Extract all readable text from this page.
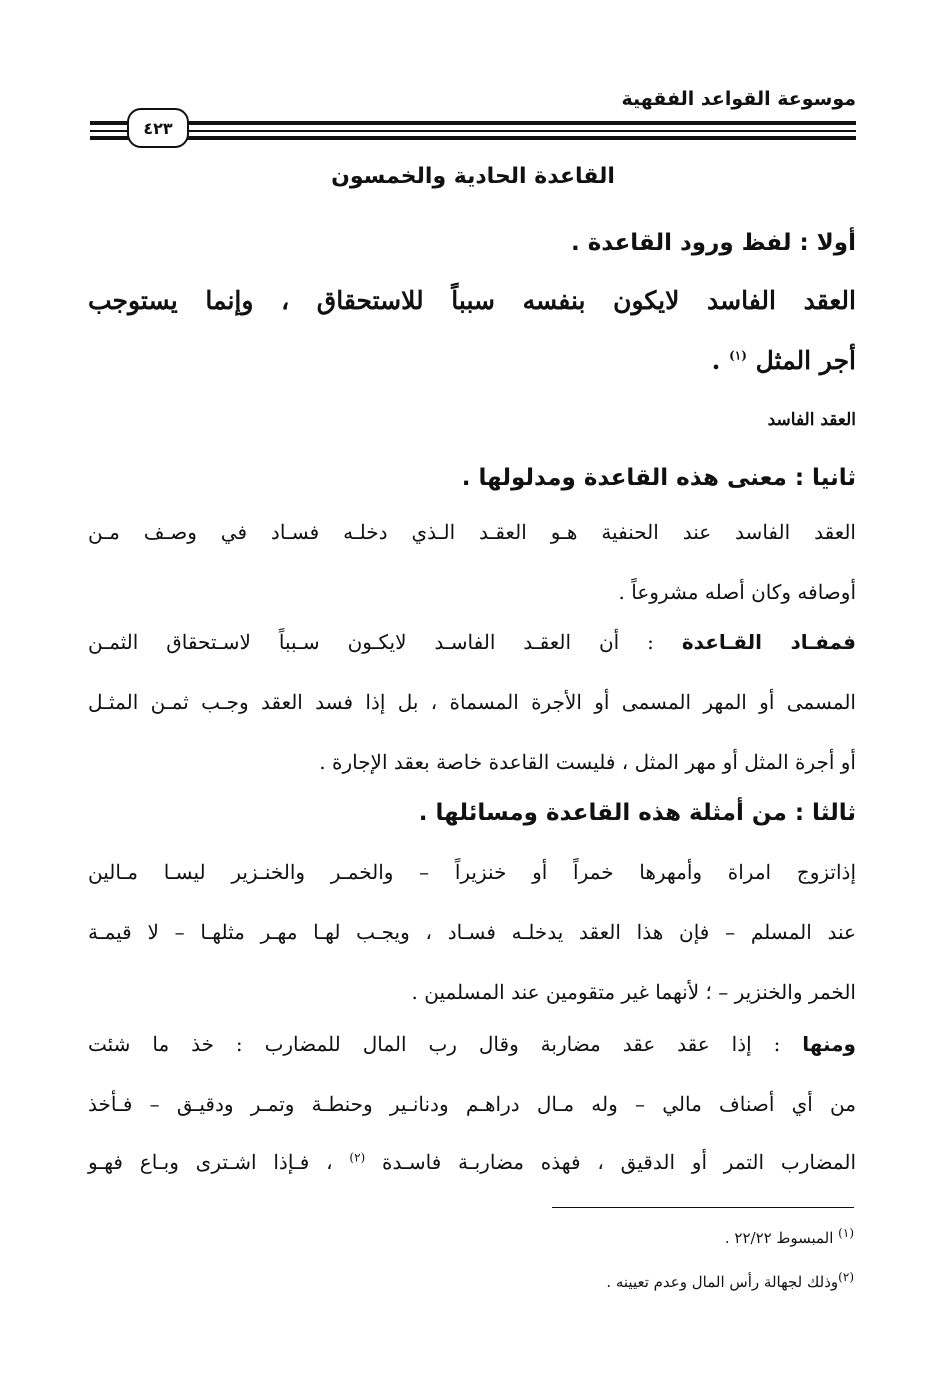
موسوعة القواعد الفقهية
٤٢٣
القاعدة الحادية والخمسون
أولا : لفظ ورود القاعدة .
العقد الفاسد لايكون بنفسه سبباً للاستحقاق ، وإنما يستوجب
أجر المثل $^{(١)}$ .
العقد الفاسد
ثانيا : معنى هذه القاعدة ومدلولها .
العقد الفاسد عند الحنفية هـو العقـد الـذي دخلـه فسـاد في وصـف مـن
أوصافه وكان أصله مشروعاً .
فمفـاد القـاعدة : أن العقـد الفاسـد لايكـون سـبباً لاسـتحقاق الثمـن
المسمى أو المهر المسمى أو الأجرة المسماة ، بل إذا فسد العقد وجـب ثمـن المثـل
أو أجرة المثل أو مهر المثل ، فليست القاعدة خاصة بعقد الإجارة .
ثالثا : من أمثلة هذه القاعدة ومسائلها .
إذاتزوج امراة وأمهرها خمراً أو خنزيراً – والخمـر والخنـزير ليسـا مـالين
عند المسلم – فإن هذا العقد يدخلـه فسـاد ، ويجـب لهـا مهـر مثلهـا – لا قيمـة
الخمر والخنزير – ؛ لأنهما غير متقومين عند المسلمين .
ومنها : إذا عقد عقد مضاربة وقال رب المال للمضارب : خذ ما شئت
من أي أصناف مالي – وله مـال دراهـم ودنانـير وحنطـة وتمـر ودقيـق – فـأخذ
المضارب التمر أو الدقيق ، فهذه مضاربـة فاسـدة $^{(٢)}$ ، فـإذا اشـترى وبـاع فهـو
$^{(١)}$ المبسوط ٢٢/٢٢ .
$^{(٢)}$وذلك لجهالة رأس المال وعدم تعيينه .
